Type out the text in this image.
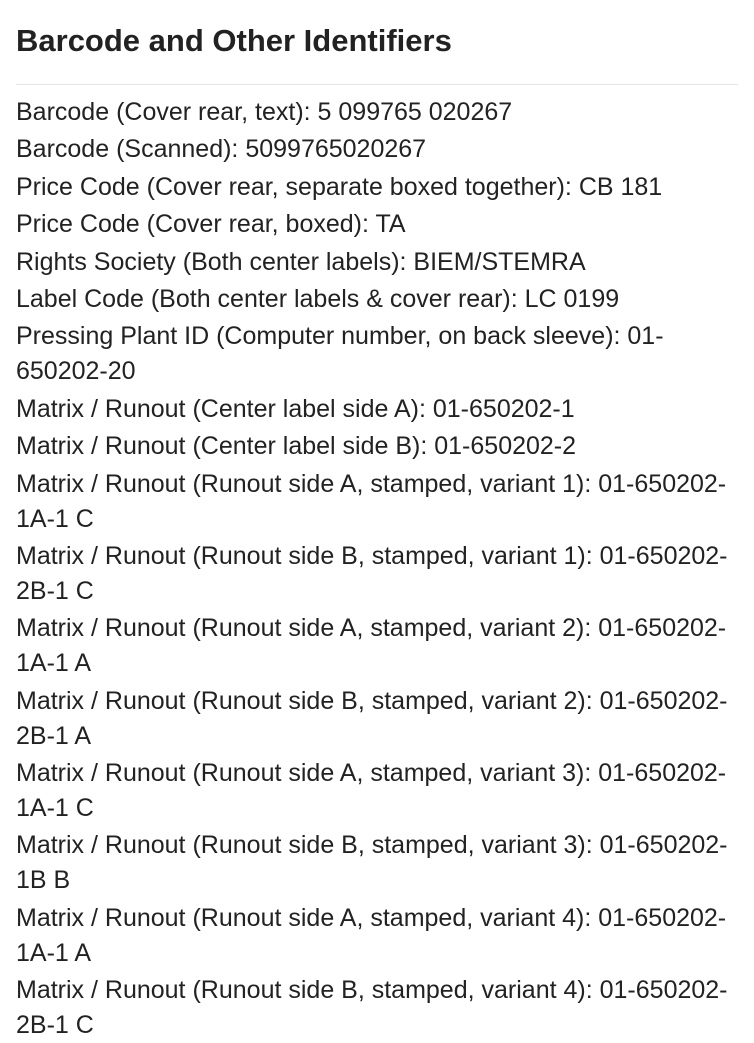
Barcode and Other Identifiers
Barcode (Cover rear, text): 5 099765 020267
Barcode (Scanned): 5099765020267
Price Code (Cover rear, separate boxed together): CB 181
Price Code (Cover rear, boxed): TA
Rights Society (Both center labels): BIEM/STEMRA
Label Code (Both center labels & cover rear): LC 0199
Pressing Plant ID (Computer number, on back sleeve): 01-650202-20
Matrix / Runout (Center label side A): 01-650202-1
Matrix / Runout (Center label side B): 01-650202-2
Matrix / Runout (Runout side A, stamped, variant 1): 01-650202-1A-1 C
Matrix / Runout (Runout side B, stamped, variant 1): 01-650202-2B-1 C
Matrix / Runout (Runout side A, stamped, variant 2): 01-650202-1A-1 A
Matrix / Runout (Runout side B, stamped, variant 2): 01-650202-2B-1 A
Matrix / Runout (Runout side A, stamped, variant 3): 01-650202-1A-1 C
Matrix / Runout (Runout side B, stamped, variant 3): 01-650202-1B B
Matrix / Runout (Runout side A, stamped, variant 4): 01-650202-1A-1 A
Matrix / Runout (Runout side B, stamped, variant 4): 01-650202-2B-1 C
